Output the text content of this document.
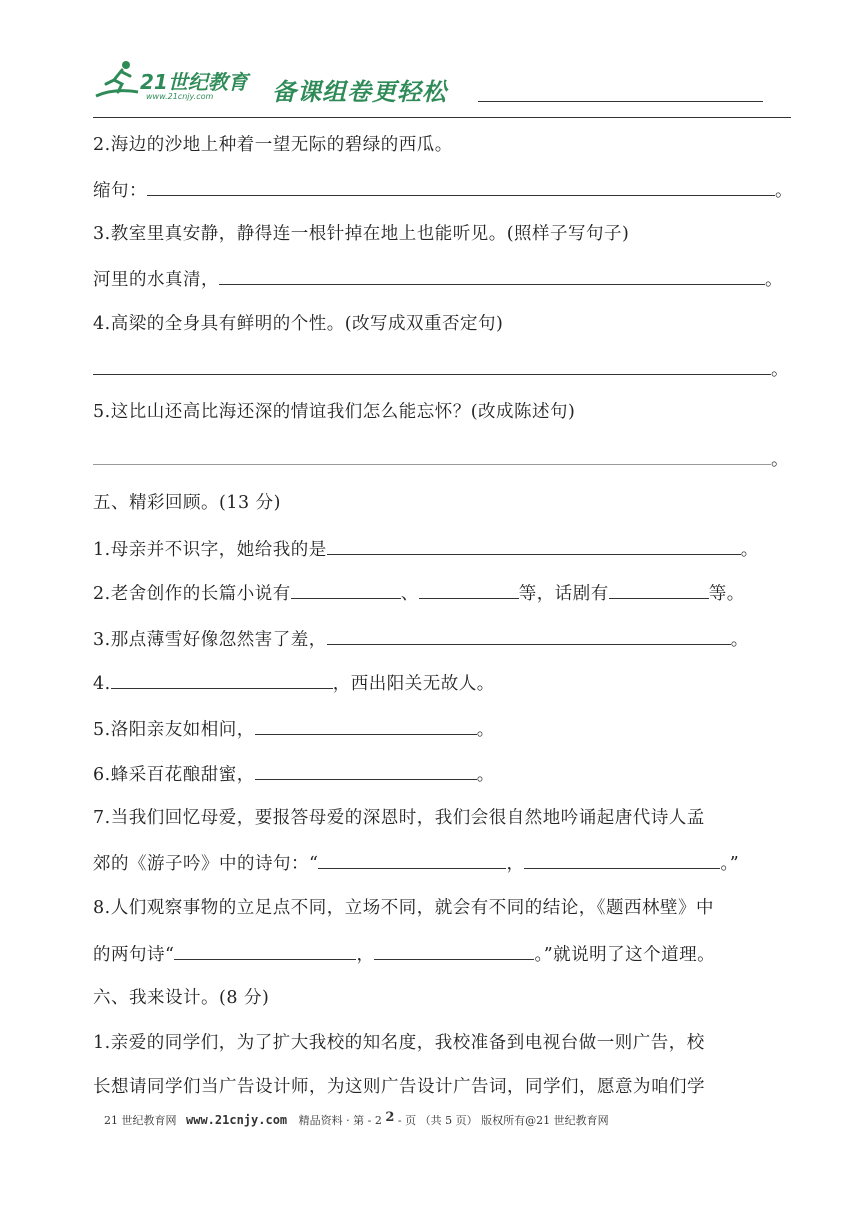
21世纪教育
www.21cnjy.com 备课组卷更轻松
2.海边的沙地上种着一望无际的碧绿的西瓜。
缩句：	。
3.教室里真安静，静得连一根针掉在地上也能听见。(照样子写句子)
河里的水真清，	。
4.高梁的全身具有鲜明的个性。(改写成双重否定句)
。
5.这比山还高比海还深的情谊我们怎么能忘怀？(改成陈述句)
。
五、精彩回顾。(13 分)
1.母亲并不识字，她给我的是	。
2.老舍创作的长篇小说有	、	等，话剧有	等。
3.那点薄雪好像忽然害了羞，	。
4.	，西出阳关无故人。
5.洛阳亲友如相问，	。
6.蜂采百花酿甜蜜，	。
7.当我们回忆母爱，要报答母爱的深恩时，我们会很自然地吟诵起唐代诗人孟
郊的《游子吟》中的诗句：“	，	。”
8.人们观察事物的立足点不同，立场不同，就会有不同的结论，《题西林壁》中
的两句诗“	，	。”就说明了这个道理。
六、我来设计。(8 分)
1.亲爱的同学们，为了扩大我校的知名度，我校准备到电视台做一则广告，校
长想请同学们当广告设计师，为这则广告设计广告词，同学们，愿意为咱们学
21 世纪教育网 www.21cnjy.com 精品资料 · 第 - 2 2 - 页 （共 5 页） 版权所有@21 世纪教育网
